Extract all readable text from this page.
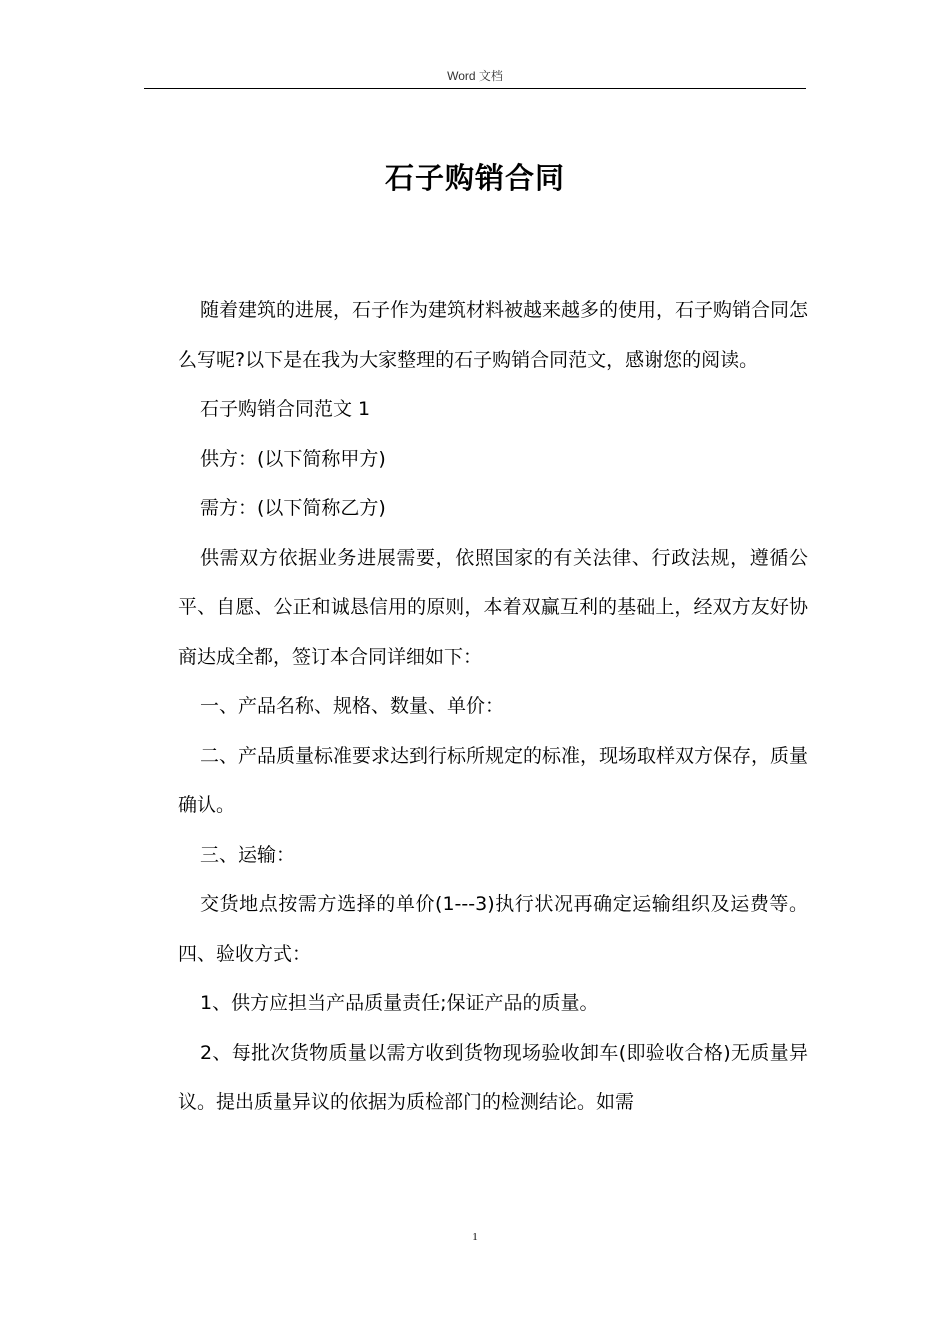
Word 文档
石子购销合同

随着建筑的进展，石子作为建筑材料被越来越多的使用，石子购销合同怎么写呢?以下是在我为大家整理的石子购销合同范文，感谢您的阅读。

石子购销合同范文 1

供方：(以下简称甲方)

需方：(以下简称乙方)

供需双方依据业务进展需要，依照国家的有关法律、行政法规，遵循公平、自愿、公正和诚恳信用的原则，本着双赢互利的基础上，经双方友好协商达成全都，签订本合同详细如下：

一、产品名称、规格、数量、单价：

二、产品质量标准要求达到行标所规定的标准，现场取样双方保存，质量确认。

三、运输：

交货地点按需方选择的单价(1---3)执行状况再确定运输组织及运费等。四、验收方式：

1、供方应担当产品质量责任;保证产品的质量。

2、每批次货物质量以需方收到货物现场验收卸车(即验收合格)无质量异议。提出质量异议的依据为质检部门的检测结论。如需

1
